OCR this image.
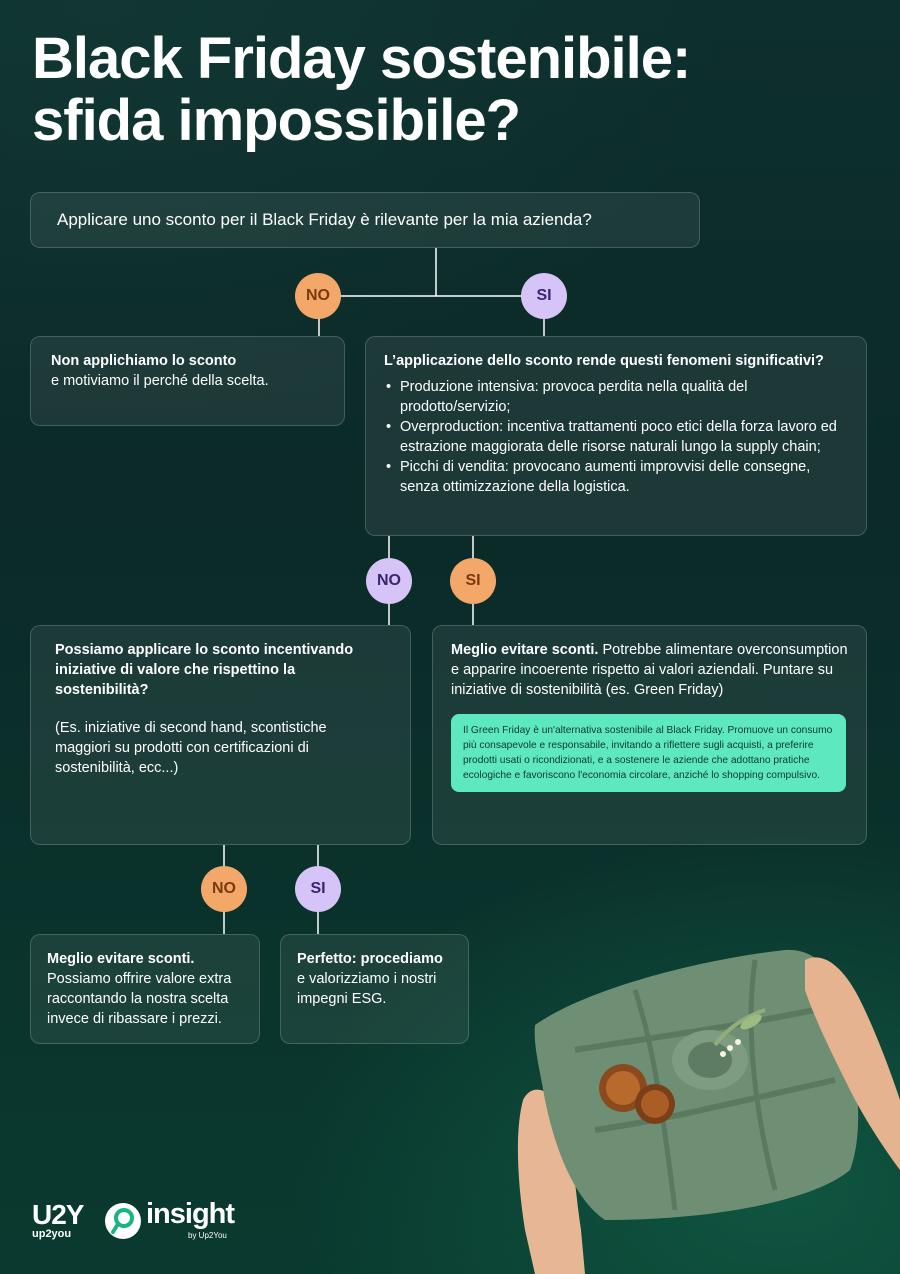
Black Friday sostenibile:
sfida impossibile?
Applicare uno sconto per il Black Friday è rilevante per la mia azienda?
NO	SI
Non applichiamo lo sconto
e motiviamo il perché della scelta.
L’applicazione dello sconto rende questi fenomeni significativi?
• Produzione intensiva: provoca perdita nella qualità del prodotto/servizio;
• Overproduction: incentiva trattamenti poco etici della forza lavoro ed estrazione maggiorata delle risorse naturali lungo la supply chain;
• Picchi di vendita: provocano aumenti improvvisi delle consegne, senza ottimizzazione della logistica.
NO	SI
Possiamo applicare lo sconto incentivando iniziative di valore che rispettino la sostenibilità?
(Es. iniziative di second hand, scontistiche maggiori su prodotti con certificazioni di sostenibilità, ecc...)
Meglio evitare sconti. Potrebbe alimentare overconsumption e apparire incoerente rispetto ai valori aziendali. Puntare su iniziative di sostenibilità (es. Green Friday)
Il Green Friday è un'alternativa sostenibile al Black Friday. Promuove un consumo più consapevole e responsabile, invitando a riflettere sugli acquisti, a preferire prodotti usati o ricondizionati, e a sostenere le aziende che adottano pratiche ecologiche e favoriscono l'economia circolare, anziché lo shopping compulsivo.
NO	SI
Meglio evitare sconti.
Possiamo offrire valore extra raccontando la nostra scelta invece di ribassare i prezzi.
Perfetto: procediamo
e valorizziamo i nostri impegni ESG.
U2Y
up2you
insight
by Up2You
